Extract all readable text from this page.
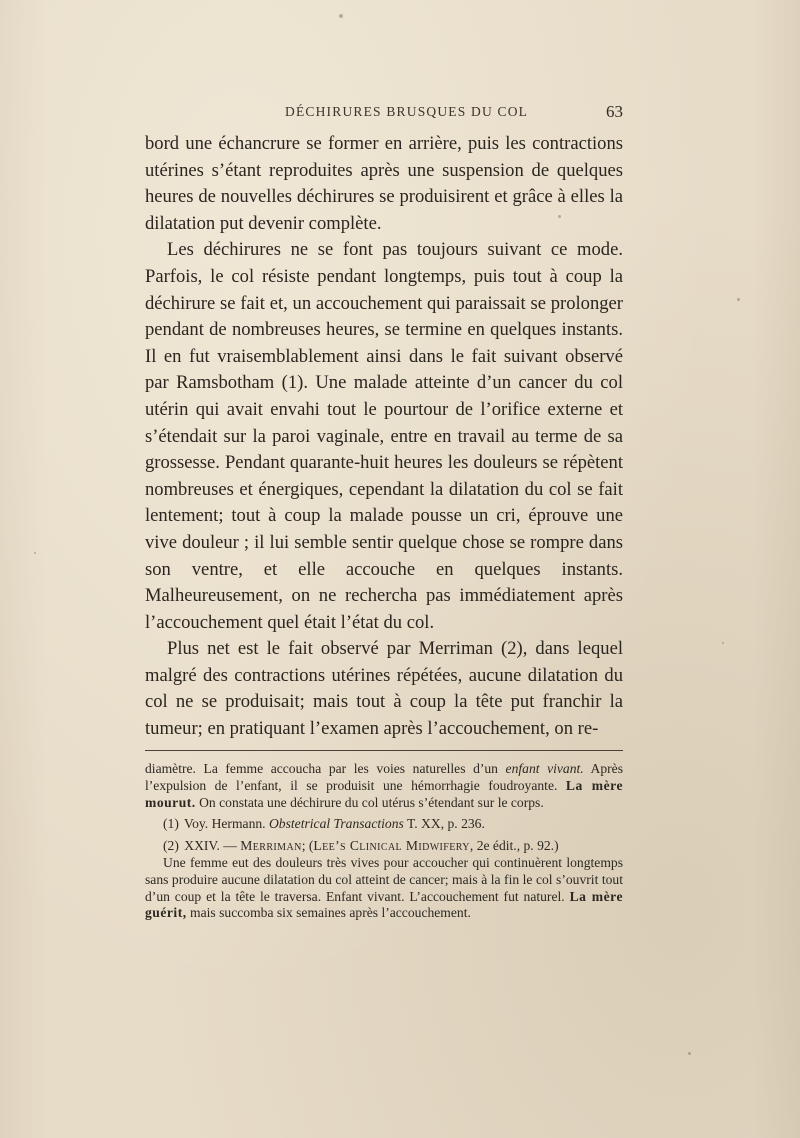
DÉCHIRURES BRUSQUES DU COL	63

bord une échancrure se former en arrière, puis les contractions utérines s’étant reproduites après une suspension de quelques heures de nouvelles déchirures se produisirent et grâce à elles la dilatation put devenir complète.

Les déchirures ne se font pas toujours suivant ce mode. Parfois, le col résiste pendant longtemps, puis tout à coup la déchirure se fait et, un accouchement qui paraissait se prolonger pendant de nombreuses heures, se termine en quelques instants. Il en fut vraisemblablement ainsi dans le fait suivant observé par Ramsbotham (1). Une malade atteinte d’un cancer du col utérin qui avait envahi tout le pourtour de l’orifice externe et s’étendait sur la paroi vaginale, entre en travail au terme de sa grossesse. Pendant quarante-huit heures les douleurs se répètent nombreuses et énergiques, cependant la dilatation du col se fait lentement; tout à coup la malade pousse un cri, éprouve une vive douleur ; il lui semble sentir quelque chose se rompre dans son ventre, et elle accouche en quelques instants. Malheureusement, on ne rechercha pas immédiatement après l’accouchement quel était l’état du col.

Plus net est le fait observé par Merriman (2), dans lequel malgré des contractions utérines répétées, aucune dilatation du col ne se produisait; mais tout à coup la tête put franchir la tumeur; en pratiquant l’examen après l’accouchement, on re-

diamètre. La femme accoucha par les voies naturelles d’un enfant vivant. Après l’expulsion de l’enfant, il se produisit une hémorrhagie foudroyante. La mère mourut. On constata une déchirure du col utérus s’étendant sur le corps.

(1) Voy. Hermann. Obstetrical Transactions T. XX, p. 236.

(2) XXIV. — Merriman; (Lee’s Clinical Midwifery, 2e édit., p. 92.)

Une femme eut des douleurs très vives pour accoucher qui continuèrent longtemps sans produire aucune dilatation du col atteint de cancer; mais à la fin le col s’ouvrit tout d’un coup et la tête le traversa. Enfant vivant. L’accouchement fut naturel. La mère guérit, mais succomba six semaines après l’accouchement.
